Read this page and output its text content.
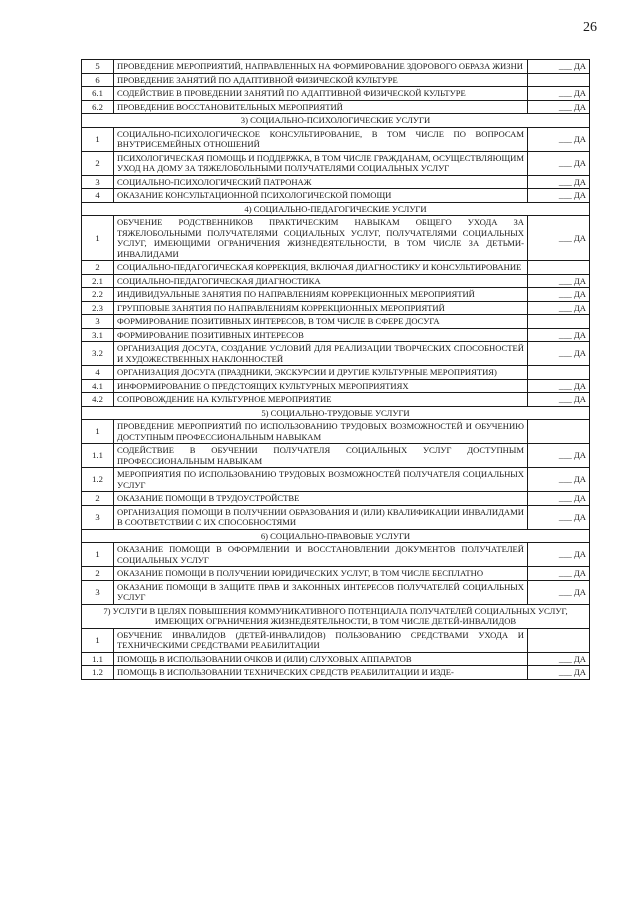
26
5	ПРОВЕДЕНИЕ МЕРОПРИЯТИЙ, НАПРАВЛЕННЫХ НА ФОРМИРОВАНИЕ ЗДОРОВОГО ОБРАЗА ЖИЗНИ	___ ДА
6	ПРОВЕДЕНИЕ ЗАНЯТИЙ ПО АДАПТИВНОЙ ФИЗИЧЕСКОЙ КУЛЬТУРЕ	
6.1	СОДЕЙСТВИЕ В ПРОВЕДЕНИИ ЗАНЯТИЙ ПО АДАПТИВНОЙ ФИЗИЧЕСКОЙ КУЛЬТУРЕ	___ ДА
6.2	ПРОВЕДЕНИЕ ВОССТАНОВИТЕЛЬНЫХ МЕРОПРИЯТИЙ	___ ДА
3) СОЦИАЛЬНО-ПСИХОЛОГИЧЕСКИЕ УСЛУГИ		
1	СОЦИАЛЬНО-ПСИХОЛОГИЧЕСКОЕ КОНСУЛЬТИРОВАНИЕ, В ТОМ ЧИСЛЕ ПО ВОПРОСАМ ВНУТРИСЕМЕЙНЫХ ОТНОШЕНИЙ	___ ДА
2	ПСИХОЛОГИЧЕСКАЯ ПОМОЩЬ И ПОДДЕРЖКА, В ТОМ ЧИСЛЕ ГРАЖДАНАМ, ОСУЩЕСТВЛЯЮЩИМ УХОД НА ДОМУ ЗА ТЯЖЕЛОБОЛЬНЫМИ ПОЛУЧАТЕЛЯМИ СОЦИАЛЬНЫХ УСЛУГ	___ ДА
3	СОЦИАЛЬНО-ПСИХОЛОГИЧЕСКИЙ ПАТРОНАЖ	___ ДА
4	ОКАЗАНИЕ КОНСУЛЬТАЦИОННОЙ ПСИХОЛОГИЧЕСКОЙ ПОМОЩИ	___ ДА
4) СОЦИАЛЬНО-ПЕДАГОГИЧЕСКИЕ УСЛУГИ		
1	ОБУЧЕНИЕ РОДСТВЕННИКОВ ПРАКТИЧЕСКИМ НАВЫКАМ ОБЩЕГО УХОДА ЗА ТЯЖЕЛОБОЛЬНЫМИ ПОЛУЧАТЕЛЯМИ СОЦИАЛЬНЫХ УСЛУГ, ПОЛУЧАТЕЛЯМИ СОЦИАЛЬНЫХ УСЛУГ, ИМЕЮЩИМИ ОГРАНИЧЕНИЯ ЖИЗНЕДЕЯТЕЛЬНОСТИ, В ТОМ ЧИСЛЕ ЗА ДЕТЬМИ-ИНВАЛИДАМИ	___ ДА
2	СОЦИАЛЬНО-ПЕДАГОГИЧЕСКАЯ КОРРЕКЦИЯ, ВКЛЮЧАЯ ДИАГНОСТИКУ И КОНСУЛЬТИРОВАНИЕ	
2.1	СОЦИАЛЬНО-ПЕДАГОГИЧЕСКАЯ ДИАГНОСТИКА	___ ДА
2.2	ИНДИВИДУАЛЬНЫЕ ЗАНЯТИЯ ПО НАПРАВЛЕНИЯМ КОРРЕКЦИОННЫХ МЕРОПРИЯТИЙ	___ ДА
2.3	ГРУППОВЫЕ ЗАНЯТИЯ ПО НАПРАВЛЕНИЯМ КОРРЕКЦИОННЫХ МЕРОПРИЯТИЙ	___ ДА
3	ФОРМИРОВАНИЕ ПОЗИТИВНЫХ ИНТЕРЕСОВ, В ТОМ ЧИСЛЕ В СФЕРЕ ДОСУГА	
3.1	ФОРМИРОВАНИЕ ПОЗИТИВНЫХ ИНТЕРЕСОВ	___ ДА
3.2	ОРГАНИЗАЦИЯ ДОСУГА, СОЗДАНИЕ УСЛОВИЙ ДЛЯ РЕАЛИЗАЦИИ ТВОРЧЕСКИХ СПОСОБНОСТЕЙ И ХУДОЖЕСТВЕННЫХ НАКЛОННОСТЕЙ	___ ДА
4	ОРГАНИЗАЦИЯ ДОСУГА (ПРАЗДНИКИ, ЭКСКУРСИИ И ДРУГИЕ КУЛЬТУРНЫЕ МЕРОПРИЯТИЯ)	
4.1	ИНФОРМИРОВАНИЕ О ПРЕДСТОЯЩИХ КУЛЬТУРНЫХ МЕРОПРИЯТИЯХ	___ ДА
4.2	СОПРОВОЖДЕНИЕ НА КУЛЬТУРНОЕ МЕРОПРИЯТИЕ	___ ДА
5) СОЦИАЛЬНО-ТРУДОВЫЕ УСЛУГИ		
1	ПРОВЕДЕНИЕ МЕРОПРИЯТИЙ ПО ИСПОЛЬЗОВАНИЮ ТРУДОВЫХ ВОЗМОЖНОСТЕЙ И ОБУЧЕНИЮ ДОСТУПНЫМ ПРОФЕССИОНАЛЬНЫМ НАВЫКАМ	
1.1	СОДЕЙСТВИЕ В ОБУЧЕНИИ ПОЛУЧАТЕЛЯ СОЦИАЛЬНЫХ УСЛУГ ДОСТУПНЫМ ПРОФЕССИОНАЛЬНЫМ НАВЫКАМ	___ ДА
1.2	МЕРОПРИЯТИЯ ПО ИСПОЛЬЗОВАНИЮ ТРУДОВЫХ ВОЗМОЖНОСТЕЙ ПОЛУЧАТЕЛЯ СОЦИАЛЬНЫХ УСЛУГ	___ ДА
2	ОКАЗАНИЕ ПОМОЩИ В ТРУДОУСТРОЙСТВЕ	___ ДА
3	ОРГАНИЗАЦИЯ ПОМОЩИ В ПОЛУЧЕНИИ ОБРАЗОВАНИЯ И (ИЛИ) КВАЛИФИКАЦИИ ИНВАЛИДАМИ В СООТВЕТСТВИИ С ИХ СПОСОБНОСТЯМИ	___ ДА
6) СОЦИАЛЬНО-ПРАВОВЫЕ УСЛУГИ		
1	ОКАЗАНИЕ ПОМОЩИ В ОФОРМЛЕНИИ И ВОССТАНОВЛЕНИИ ДОКУМЕНТОВ ПОЛУЧАТЕЛЕЙ СОЦИАЛЬНЫХ УСЛУГ	___ ДА
2	ОКАЗАНИЕ ПОМОЩИ В ПОЛУЧЕНИИ ЮРИДИЧЕСКИХ УСЛУГ, В ТОМ ЧИСЛЕ БЕСПЛАТНО	___ ДА
3	ОКАЗАНИЕ ПОМОЩИ В ЗАЩИТЕ ПРАВ И ЗАКОННЫХ ИНТЕРЕСОВ ПОЛУЧАТЕЛЕЙ СОЦИАЛЬНЫХ УСЛУГ	___ ДА
7) УСЛУГИ В ЦЕЛЯХ ПОВЫШЕНИЯ КОММУНИКАТИВНОГО ПОТЕНЦИАЛА ПОЛУЧАТЕЛЕЙ СОЦИАЛЬНЫХ УСЛУГ, ИМЕЮЩИХ ОГРАНИЧЕНИЯ ЖИЗНЕДЕЯТЕЛЬНОСТИ, В ТОМ ЧИСЛЕ ДЕТЕЙ-ИНВАЛИДОВ		
1	ОБУЧЕНИЕ ИНВАЛИДОВ (ДЕТЕЙ-ИНВАЛИДОВ) ПОЛЬЗОВАНИЮ СРЕДСТВАМИ УХОДА И ТЕХНИЧЕСКИМИ СРЕДСТВАМИ РЕАБИЛИТАЦИИ	
1.1	ПОМОЩЬ В ИСПОЛЬЗОВАНИИ ОЧКОВ И (ИЛИ) СЛУХОВЫХ АППАРАТОВ	___ ДА
1.2	ПОМОЩЬ В ИСПОЛЬЗОВАНИИ ТЕХНИЧЕСКИХ СРЕДСТВ РЕАБИЛИТАЦИИ И ИЗДЕ-	___ ДА
